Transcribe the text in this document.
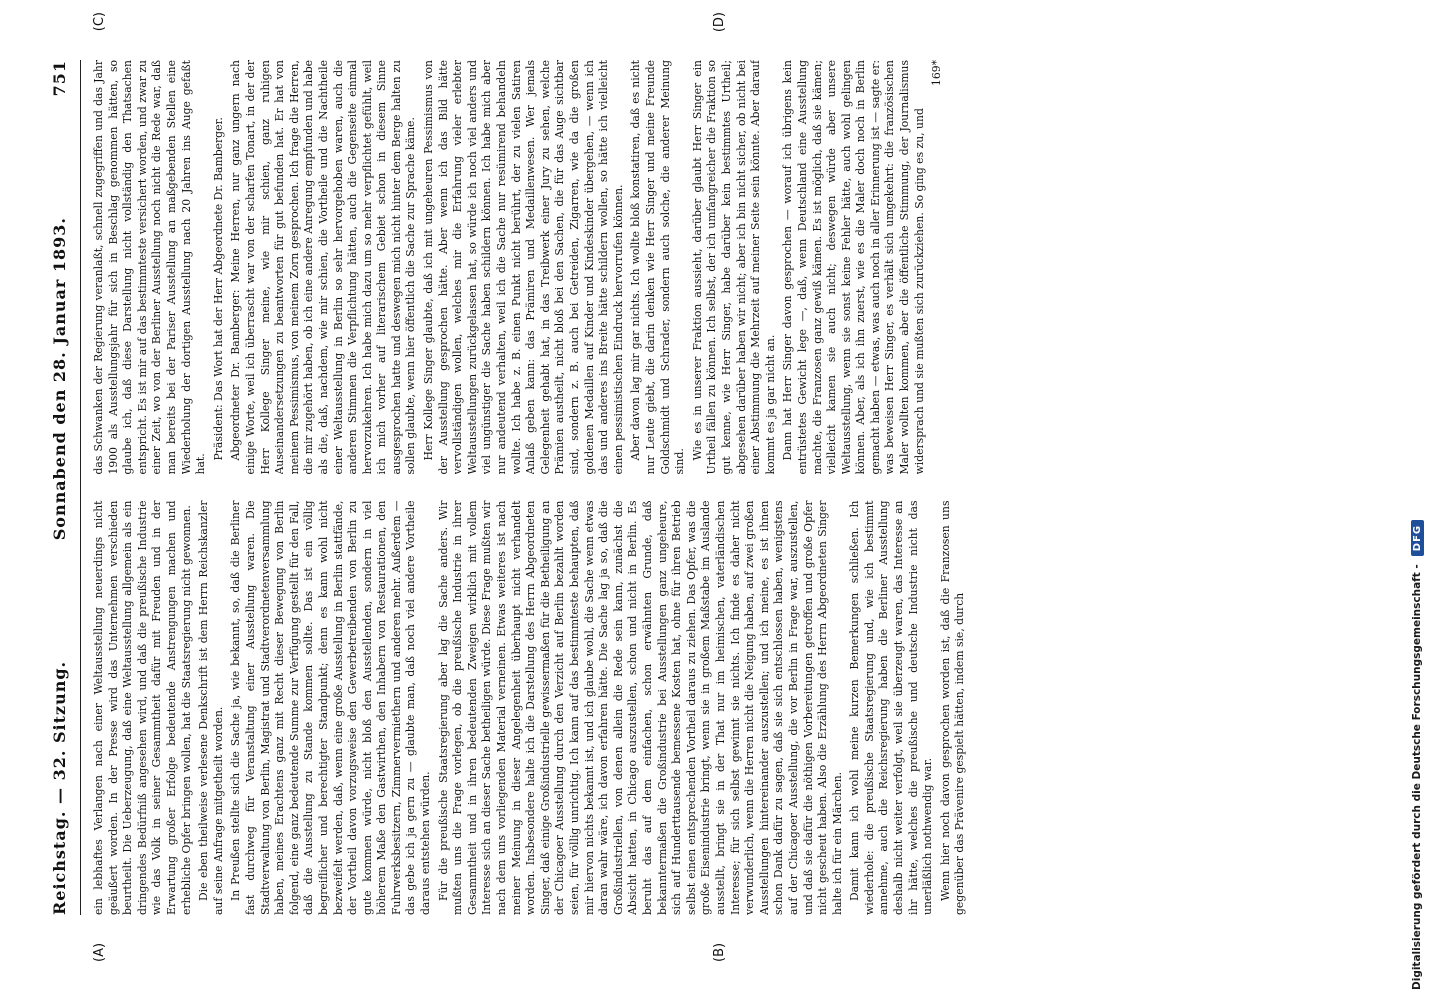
Reichstag. — 32. Sitzung.
Sonnabend den 28. Januar 1893.
751
(A)	(B)
(C)	(D)

ein lebhaftes Verlangen nach einer Weltausstellung neuerdings nicht geäußert worden. In der Presse wird das Unternehmen verschieden beurtheilt. Die Ueberzeugung, daß eine Weltausstellung allgemein als ein dringendes Bedürfniß angesehen wird, und daß die preußische Industrie wie das Volk in seiner Gesammtheit dafür mit Freuden und in der Erwartung großer Erfolge bedeutende Anstrengungen machen und erhebliche Opfer bringen wollen, hat die Staatsregierung nicht gewonnen. Die eben theilweise verlesene Denkschrift ist dem Herrn Reichskanzler auf seine Anfrage mitgetheilt worden. In Preußen stellte sich die Sache ja, wie bekannt, so, daß die Berliner fast durchweg für Veranstaltung einer Ausstellung waren. Die Stadtverwaltung von Berlin, Magistrat und Stadtverordnetenversammlung haben, meines Erachtens ganz mit Recht dieser Bewegung von Berlin folgend, eine ganz bedeutende Summe zur Verfügung gestellt für den Fall, daß die Ausstellung zu Stande kommen sollte. Das ist ein völlig begreiflicher und berechtigter Standpunkt; denn es kann wohl nicht bezweifelt werden, daß, wenn eine große Ausstellung in Berlin stattfände, der Vortheil davon vorzugsweise den Gewerbetreibenden von Berlin zu gute kommen würde, nicht bloß den Ausstellenden, sondern in viel höherem Maße den Gastwirthen, den Inhabern von Restaurationen, den Fuhrwerksbesitzern, Zimmervermiethern und anderen mehr. Außerdem — das gebe ich ja gern zu — glaubte man, daß noch viel andere Vortheile daraus entstehen würden. Für die preußische Staatsregierung aber lag die Sache anders. Wir mußten uns die Frage vorlegen, ob die preußische Industrie in ihrer Gesammtheit und in ihren bedeutenden Zweigen wirklich mit vollem Interesse sich an dieser Sache betheiligen würde. Diese Frage mußten wir nach dem uns vorliegenden Material verneinen. Etwas weiteres ist nach meiner Meinung in dieser Angelegenheit überhaupt nicht verhandelt worden. Insbesondere halte ich die Darstellung des Herrn Abgeordneten Singer, daß einige Großindustrielle gewissermaßen für die Betheiligung an der Chicagoer Ausstellung durch den Verzicht auf Berlin bezahlt worden seien, für völlig unrichtig. Ich kann auf das bestimmteste behaupten, daß mir hiervon nichts bekannt ist, und ich glaube wohl, die Sache wenn etwas daran wahr wäre, ich davon erfahren hätte. Die Sache lag ja so, daß die Großindustriellen, von denen allein die Rede sein kann, zunächst die Absicht hatten, in Chicago auszustellen, schon und nicht in Berlin. Es beruht das auf dem einfachen, schon erwähnten Grunde, daß bekanntermaßen die Großindustrie bei Ausstellungen ganz ungeheure, sich auf Hunderttausende bemessene Kosten hat, ohne für ihren Betrieb selbst einen entsprechenden Vortheil daraus zu ziehen. Das Opfer, was die große Eisenindustrie bringt, wenn sie in großem Maßstabe im Auslande ausstellt, bringt sie in der That nur im heimischen, vaterländischen Interesse; für sich selbst gewinnt sie nichts. Ich finde es daher nicht verwunderlich, wenn die Herren nicht die Neigung haben, auf zwei großen Ausstellungen hintereinander auszustellen; und ich meine, es ist ihnen schon Dank dafür zu sagen, daß sie sich entschlossen haben, wenigstens auf der Chicagoer Ausstellung, die vor Berlin in Frage war, auszustellen, und daß sie dafür die nöthigen Vorbereitungen getroffen und große Opfer nicht gescheut haben. Also die Erzählung des Herrn Abgeordneten Singer halte ich für ein Märchen. Damit kann ich wohl meine kurzen Bemerkungen schließen. Ich wiederhole: die preußische Staatsregierung und, wie ich bestimmt annehme, auch die Reichsregierung haben die Berliner Ausstellung deshalb nicht weiter verfolgt, weil sie überzeugt waren, das Interesse an ihr hätte, welches die preußische und deutsche Industrie nicht das unerläßlich nothwendig war. Wenn hier noch davon gesprochen worden ist, daß die Franzosen uns gegenüber das Prävenire gespielt hätten, indem sie, durch

das Schwanken der Regierung veranlaßt, schnell zugegriffen und das Jahr 1900 als Ausstellungsjahr für sich in Beschlag genommen hätten, so glaube ich, daß diese Darstellung nicht vollständig den Thatsachen entspricht. Es ist mir auf das bestimmteste versichert worden, und zwar zu einer Zeit, wo von der Berliner Ausstellung noch nicht die Rede war, daß man bereits bei der Pariser Ausstellung an maßgebenden Stellen eine Wiederholung der dortigen Ausstellung nach 20 Jahren ins Auge gefaßt hat.

Präsident: Das Wort hat der Herr Abgeordnete Dr. Bamberger. Abgeordneter Dr. Bamberger: Meine Herren, nur ganz ungern nach einige Worte, weil ich überrascht war von der scharfen Tonart, in der der Herr Kollege Singer meine, wie mir schien, ganz ruhigen Auseinandersetzungen zu beantworten für gut befunden hat. Er hat von meinem Pessimismus, von meinem Zorn gesprochen. Ich frage die Herren, die mir zugehört haben, ob ich eine andere Anregung empfunden und habe als die, daß, nachdem, wie mir schien, die Vortheile und die Nachtheile einer Weltausstellung in Berlin so sehr hervorgehoben waren, auch die anderen Stimmen die Verpflichtung hätten, auch die Gegenseite einmal hervorzukehren. Ich habe mich dazu um so mehr verpflichtet gefühlt, weil ich mich vorher auf literarischem Gebiet schon in diesem Sinne ausgesprochen hatte und deswegen mich nicht hinter dem Berge halten zu sollen glaubte, wenn hier öffentlich die Sache zur Sprache käme. Herr Kollege Singer glaubte, daß ich mit ungeheuren Pessimismus von der Ausstellung gesprochen hätte. Aber wenn ich das Bild hätte vervollständigen wollen, welches mir die Erfahrung vieler erlebter Weltausstellungen zurückgelassen hat, so würde ich noch viel anders und viel ungünstiger die Sache haben schildern können. Ich habe mich aber nur andeutend verhalten, weil ich die Sache nur resümirend behandeln wollte. Ich habe z. B. einen Punkt nicht berührt, der zu vielen Satiren Anlaß geben kann: das Prämiren und Medaillenwesen. Wer jemals Gelegenheit gehabt hat, in das Treibwerk einer Jury zu sehen, welche Prämien austheilt, nicht bloß bei den Sachen, die für das Auge sichtbar sind, sondern z. B. auch bei Getreiden, Zigarren, wie da die großen goldenen Medaillen auf Kinder und Kindeskinder übergehen, — wenn ich das und anderes ins Breite hätte schildern wollen, so hätte ich vielleicht einen pessimistischen Eindruck hervorrufen können. Aber davon lag mir gar nichts. Ich wollte bloß konstatiren, daß es nicht nur Leute giebt, die darin denken wie Herr Singer und meine Freunde Goldschmidt und Schrader, sondern auch solche, die anderer Meinung sind.

Wie es in unserer Fraktion aussieht, darüber glaubt Herr Singer ein Urtheil fällen zu können. Ich selbst, der ich umfangreicher die Fraktion so gut kenne, wie Herr Singer, habe darüber kein bestimmtes Urtheil; abgesehen darüber haben wir nicht; aber ich bin nicht sicher, ob nicht bei einer Abstimmung die Mehrzeit auf meiner Seite sein könnte. Aber darauf kommt es ja gar nicht an. Dann hat Herr Singer davon gesprochen — worauf ich übrigens kein entrüstetes Gewicht lege —, daß, wenn Deutschland eine Ausstellung machte, die Franzosen ganz gewiß kämen. Es ist möglich, daß sie kämen; vielleicht kamen sie auch nicht; deswegen würde aber unsere Weltausstellung, wenn sie sonst keine Fehler hätte, auch wohl gelingen können. Aber, als ich ihn zuerst, wie es die Maler doch noch in Berlin gemacht haben — etwas, was auch noch in aller Erinnerung ist — sagte er: was beweisen Herr Singer, es verhält sich umgekehrt: die französischen Maler wollten kommen, aber die öffentliche Stimmung, der Journalismus widersprach und sie mußten sich zurückziehen. So ging es zu, und

169*

Digitalisierung gefördert durch die Deutsche Forschungsgemeinschaft -
DFG
